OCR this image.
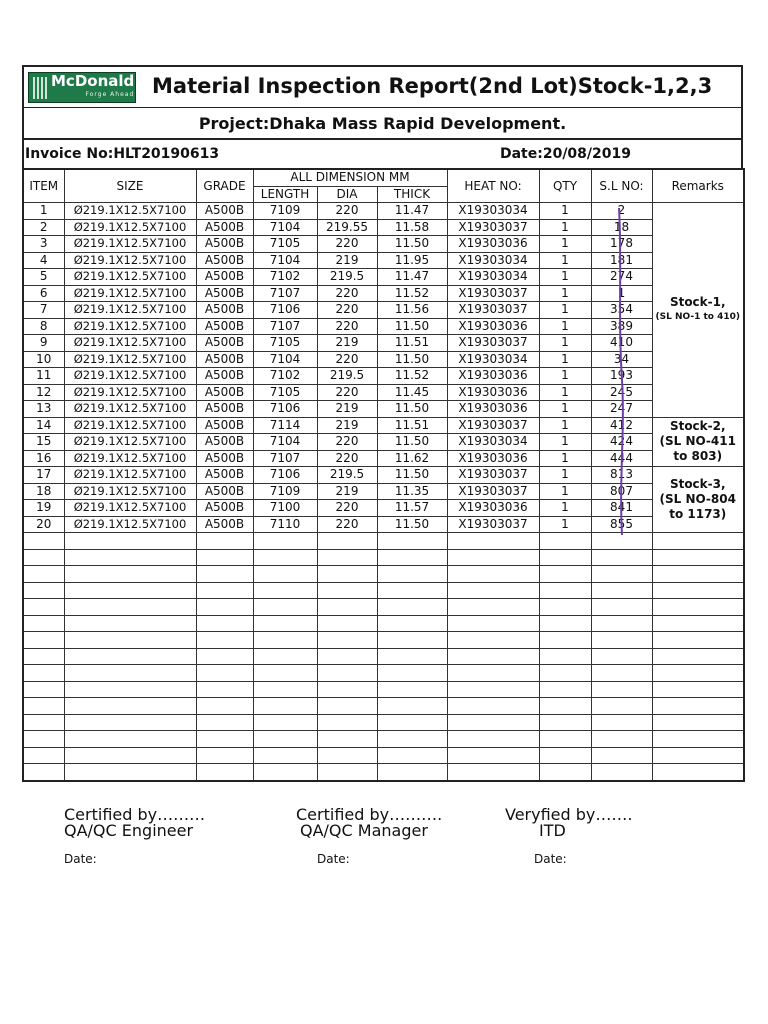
McDonald
Forge Ahead Material Inspection Report(2nd Lot)Stock-1,2,3
Project:Dhaka Mass Rapid Development.
Invoice No:HLT20190613	Date:20/08/2019
ITEM	SIZE	GRADE	ALL DIMENSION MM			HEAT NO:	QTY	S.L NO:	Remarks
			LENGTH	DIA	THICK				
1	Ø219.1X12.5X7100	A500B	7109	220	11.47	X19303034	1	2	Stock-1,
(SL NO-1 to 410)

2	Ø219.1X12.5X7100	A500B	7104	219.55	11.58	X19303037	1	18	
3	Ø219.1X12.5X7100	A500B	7105	220	11.50	X19303036	1	178	
4	Ø219.1X12.5X7100	A500B	7104	219	11.95	X19303034	1	181	
5	Ø219.1X12.5X7100	A500B	7102	219.5	11.47	X19303034	1	274	
6	Ø219.1X12.5X7100	A500B	7107	220	11.52	X19303037	1	1	
7	Ø219.1X12.5X7100	A500B	7106	220	11.56	X19303037	1	354	
8	Ø219.1X12.5X7100	A500B	7107	220	11.50	X19303036	1	389	
9	Ø219.1X12.5X7100	A500B	7105	219	11.51	X19303037	1	410	
10	Ø219.1X12.5X7100	A500B	7104	220	11.50	X19303034	1	34	
11	Ø219.1X12.5X7100	A500B	7102	219.5	11.52	X19303036	1	193	
12	Ø219.1X12.5X7100	A500B	7105	220	11.45	X19303036	1	245	
13	Ø219.1X12.5X7100	A500B	7106	219	11.50	X19303036	1	247	
14	Ø219.1X12.5X7100	A500B	7114	219	11.51	X19303037	1	412	Stock-2,
(SL NO-411 to 803)

15	Ø219.1X12.5X7100	A500B	7104	220	11.50	X19303034	1	424	
16	Ø219.1X12.5X7100	A500B	7107	220	11.62	X19303036	1	444	
17	Ø219.1X12.5X7100	A500B	7106	219.5	11.50	X19303037	1	813	Stock-3,
(SL NO-804 to 1173)

18	Ø219.1X12.5X7100	A500B	7109	219	11.35	X19303037	1	807	
19	Ø219.1X12.5X7100	A500B	7100	220	11.57	X19303036	1	841	
20	Ø219.1X12.5X7100	A500B	7110	220	11.50	X19303037	1	855	

Certified by………
QA/QC Engineer
Certified by……….
QA/QC Manager
Veryfied by…….
ITD
Date:	Date:	Date:
